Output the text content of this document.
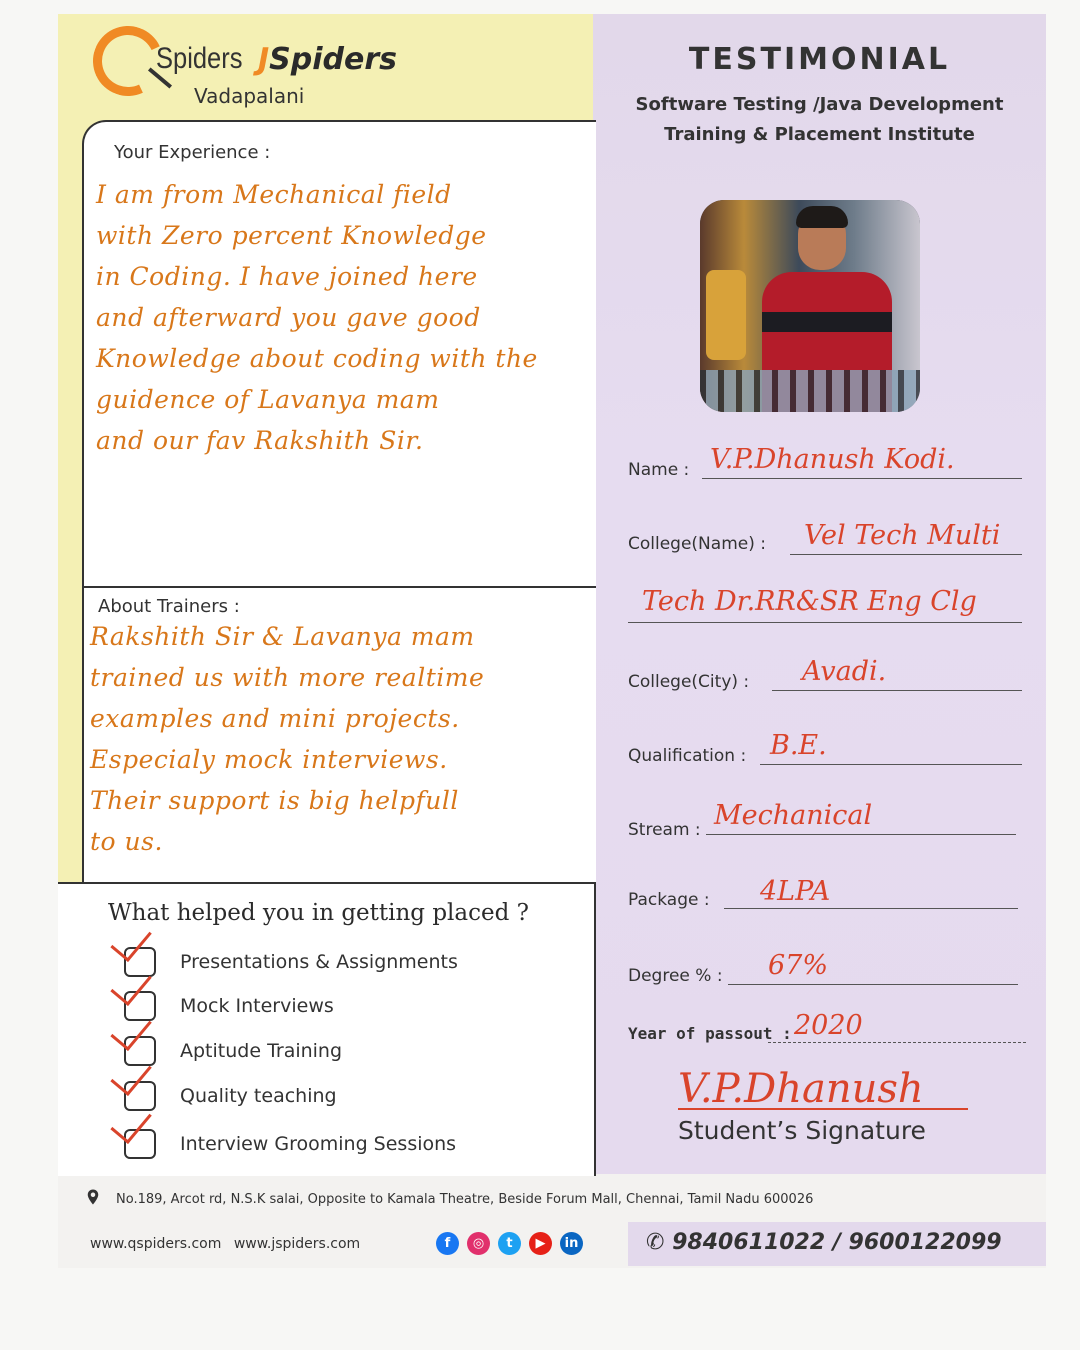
Spiders JSpiders
Vadapalani
TESTIMONIAL
Software Testing /Java Development
Training & Placement Institute
Your Experience :
I am from Mechanical field
with Zero percent Knowledge
in Coding. I have joined here
and afterward you gave good
Knowledge about coding with the
guidence of Lavanya mam
and our fav Rakshith Sir.
About Trainers :
Rakshith Sir & Lavanya mam
trained us with more realtime
examples and mini projects.
Especialy mock interviews.
Their support is big helpfull
to us.
What helped you in getting placed ?
Presentations & Assignments
Mock Interviews
Aptitude Training
Quality teaching
Interview Grooming Sessions
Name : V.P.Dhanush Kodi.
College(Name) : Vel Tech Multi
Tech Dr.RR&SR Eng Clg
College(City) : Avadi.
Qualification : B.E.
Stream : Mechanical
Package : 4LPA
Degree % : 67%
Year of passout : 2020
V.P.Dhanush
Student’s Signature
No.189, Arcot rd, N.S.K salai, Opposite to Kamala Theatre, Beside Forum Mall, Chennai, Tamil Nadu 600026
www.qspiders.com www.jspiders.com	f	◎	t	▶	in	✆ 9840611022 / 9600122099
